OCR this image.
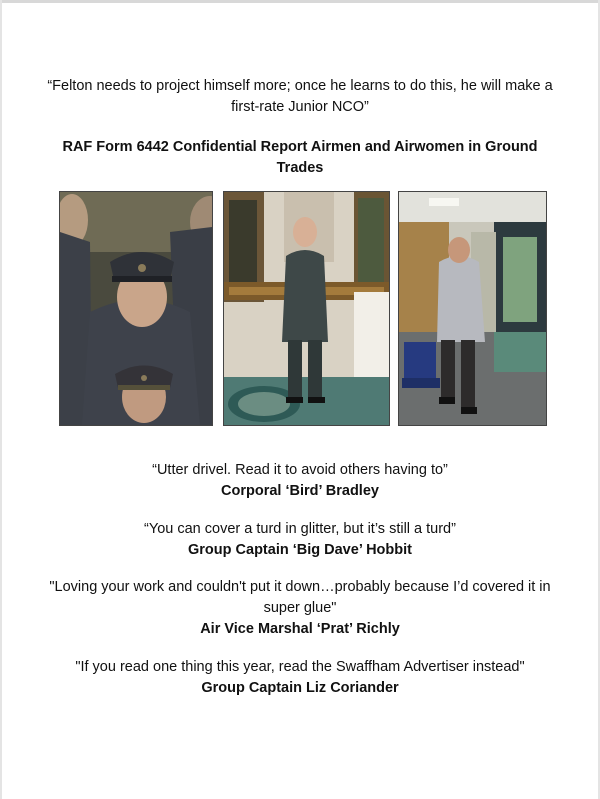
“Felton needs to project himself more; once he learns to do this, he will make a first-rate Junior NCO”
RAF Form 6442 Confidential Report Airmen and Airwomen in Ground Trades
“Utter drivel. Read it to avoid others having to”
Corporal ‘Bird’ Bradley
“You can cover a turd in glitter, but it’s still a turd”
Group Captain ‘Big Dave’ Hobbit
"Loving your work and couldn't put it down…probably because I’d covered it in super glue"
Air Vice Marshal ‘Prat’ Richly
"If you read one thing this year, read the Swaffham Advertiser instead"
Group Captain Liz Coriander
